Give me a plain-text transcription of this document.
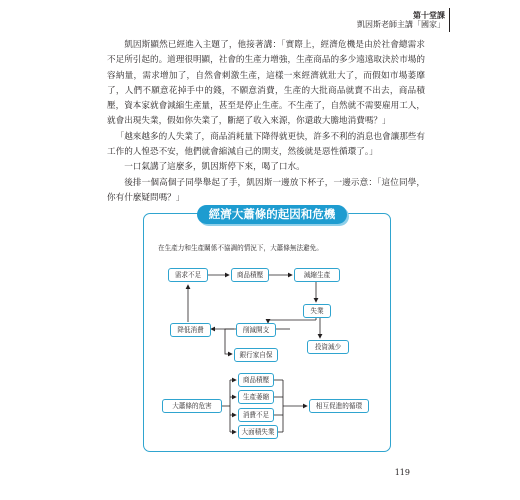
第十堂課
凱因斯老師主講「國家」

凱因斯顯然已經進入主題了，他接著講：「實際上，經濟危機是由於社會總需求不足所引起的。道理很明顯，社會的生產力增強，生產商品的多少遠遠取決於市場的容納量，需求增加了，自然會刺激生產，這樣一來經濟就壯大了，而假如市場萎靡了，人們不願意花掉手中的錢，不願意消費，生產的大批商品就賣不出去，商品積壓，資本家就會減縮生產量，甚至是停止生產。不生產了，自然就不需要雇用工人，就會出現失業，假如你失業了，斷絕了收入來源，你還敢大膽地消費嗎？」

「越來越多的人失業了，商品消耗量下降得就更快，許多不利的消息也會讓那些有工作的人惶恐不安，他們就會縮減自己的開支，然後就是惡性循環了。」

一口氣講了這麼多，凱因斯停下來，喝了口水。

後排一個高個子同學舉起了手，凱因斯一邊放下杯子，一邊示意：「這位同學，你有什麼疑問嗎？」

經濟大蕭條的起因和危機
在生產力和生產關係不協調的情況下，大蕭條無法避免。
需求不足	商品積壓	減縮生產
失業
削減開支
投資減少
降低消費
銀行家自保
大蕭條的危害
商品積壓
生產萎縮
消費不足
大面積失業
相互促進的循環
119
